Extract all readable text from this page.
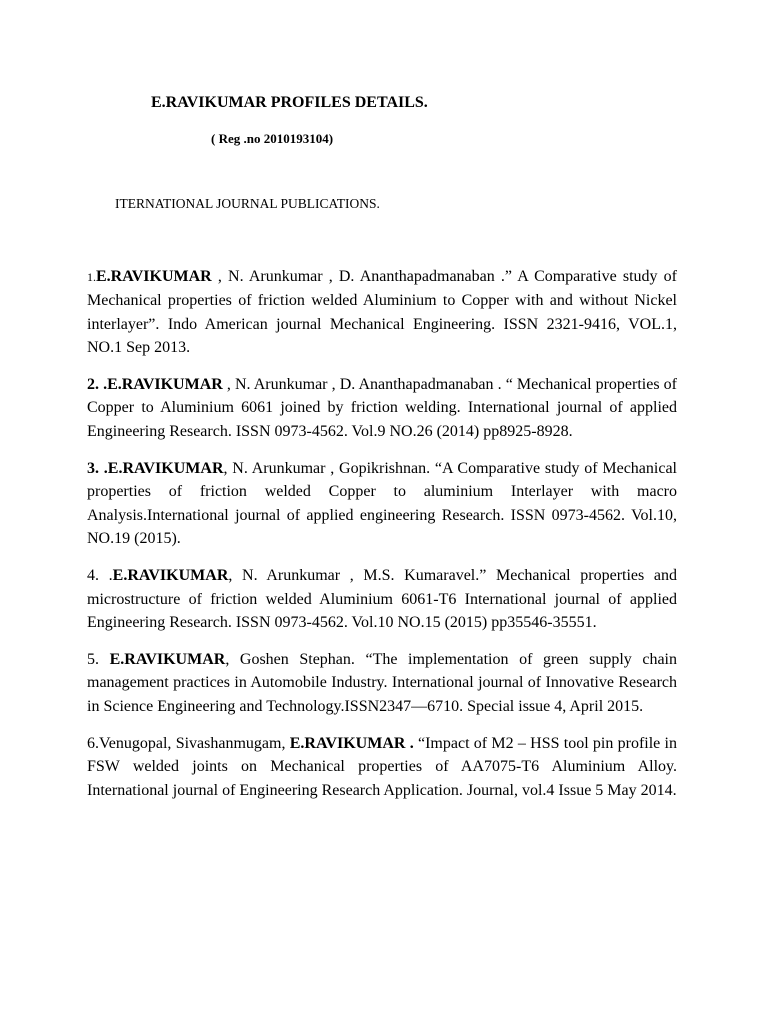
E.RAVIKUMAR PROFILES DETAILS.
( Reg .no 2010193104)
ITERNATIONAL JOURNAL PUBLICATIONS.
1.E.RAVIKUMAR , N. Arunkumar , D. Ananthapadmanaban .” A Comparative study of Mechanical properties of friction welded Aluminium to Copper with and without Nickel interlayer”. Indo American journal Mechanical Engineering. ISSN 2321-9416, VOL.1, NO.1 Sep 2013.
2. .E.RAVIKUMAR , N. Arunkumar , D. Ananthapadmanaban . “ Mechanical properties of Copper to Aluminium 6061 joined by friction welding. International journal of applied Engineering Research. ISSN 0973-4562. Vol.9 NO.26 (2014) pp8925-8928.
3. .E.RAVIKUMAR, N. Arunkumar , Gopikrishnan. “A Comparative study of Mechanical properties of friction welded Copper to aluminium Interlayer with macro Analysis.International journal of applied engineering Research. ISSN 0973-4562. Vol.10, NO.19 (2015).
4. .E.RAVIKUMAR, N. Arunkumar , M.S. Kumaravel.” Mechanical properties and microstructure of friction welded Aluminium 6061-T6 International journal of applied Engineering Research. ISSN 0973-4562. Vol.10 NO.15 (2015) pp35546-35551.
5. E.RAVIKUMAR, Goshen Stephan. “The implementation of green supply chain management practices in Automobile Industry. International journal of Innovative Research in Science Engineering and Technology.ISSN2347—6710. Special issue 4, April 2015.
6.Venugopal, Sivashanmugam, E.RAVIKUMAR . “Impact of M2 – HSS tool pin profile in FSW welded joints on Mechanical properties of AA7075-T6 Aluminium Alloy. International journal of Engineering Research Application. Journal, vol.4 Issue 5 May 2014.
